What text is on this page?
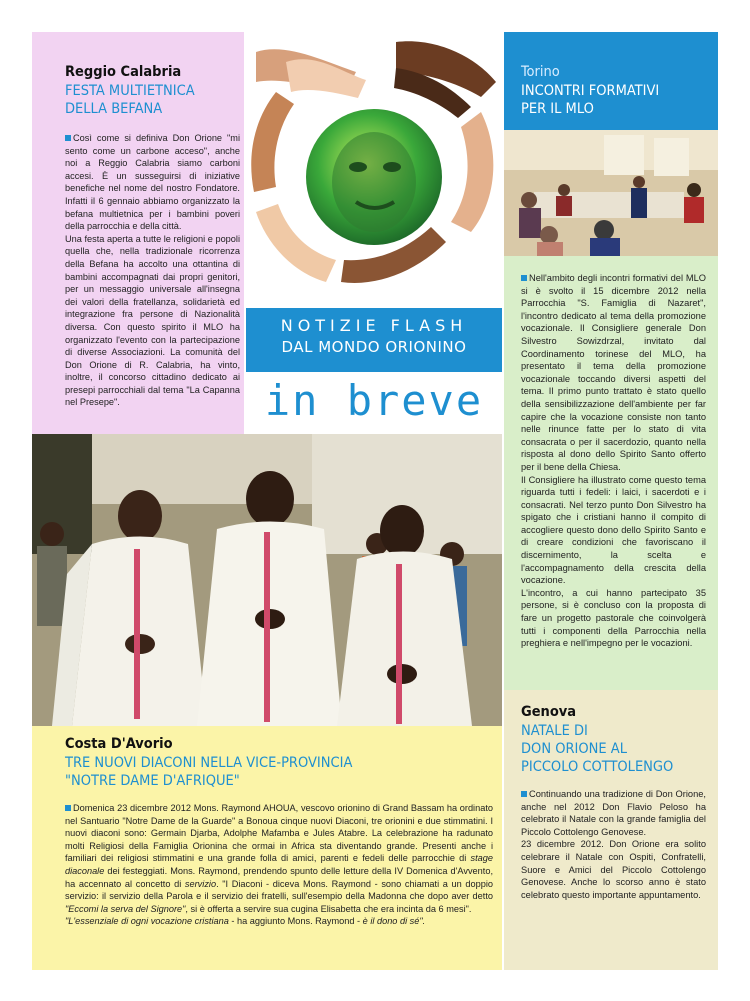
Reggio Calabria
FESTA MULTIETNICA
DELLA BEFANA

Così come si definiva Don Orione "mi sento come un carbone acceso", anche noi a Reggio Calabria siamo carboni accesi. È un susseguirsi di iniziative benefiche nel nome del nostro Fondatore. Infatti il 6 gennaio abbiamo organizzato la befana multietnica per i bambini poveri della parrocchia e della città.

Una festa aperta a tutte le religioni e popoli quella che, nella tradizionale ricorrenza della Befana ha accolto una ottantina di bambini accompagnati dai propri genitori, per un messaggio universale all'insegna dei valori della fratellanza, solidarietà ed integrazione fra persone di Nazionalità diversa. Con questo spirito il MLO ha organizzato l'evento con la partecipazione di diverse Associazioni. La comunità del Don Orione di R. Calabria, ha vinto, inoltre, il concorso cittadino dedicato ai presepi parrocchiali dal tema "La Capanna nel Presepe".

NOTIZIE FLASH
DAL MONDO ORIONINO
in breve
Torino
INCONTRI FORMATIVI
PER IL MLO

Nell'ambito degli incontri formativi del MLO si è svolto il 15 dicembre 2012 nella Parrocchia "S. Famiglia di Nazaret", l'incontro dedicato al tema della promozione vocazionale. Il Consigliere generale Don Silvestro Sowizdrzal, invitato dal Coordinamento torinese del MLO, ha presentato il tema della promozione vocazionale toccando diversi aspetti del tema. Il primo punto trattato è stato quello della sensibilizzazione dell'ambiente per far capire che la vocazione consiste non tanto nelle rinunce fatte per lo stato di vita consacrata o per il sacerdozio, quanto nella risposta al dono dello Spirito Santo offerto per il bene della Chiesa.

Il Consigliere ha illustrato come questo tema riguarda tutti i fedeli: i laici, i sacerdoti e i consacrati. Nel terzo punto Don Silvestro ha spigato che i cristiani hanno il compito di accogliere questo dono dello Spirito Santo e di creare condizioni che favoriscano il discernimento, la scelta e l'accompagnamento della crescita della vocazione.

L'incontro, a cui hanno partecipato 35 persone, si è concluso con la proposta di fare un progetto pastorale che coinvolgerà tutti i componenti della Parrocchia nella preghiera e nell'impegno per le vocazioni.

Genova
NATALE DI
DON ORIONE AL
PICCOLO COTTOLENGO

Continuando una tradizione di Don Orione, anche nel 2012 Don Flavio Peloso ha celebrato il Natale con la grande famiglia del Piccolo Cottolengo Genovese.

23 dicembre 2012. Don Orione era solito celebrare il Natale con Ospiti, Confratelli, Suore e Amici del Piccolo Cottolengo Genovese. Anche lo scorso anno è stato celebrato questo importante appuntamento.

Costa D'Avorio
TRE NUOVI DIACONI NELLA VICE-PROVINCIA
"NOTRE DAME D'AFRIQUE"

Domenica 23 dicembre 2012 Mons. Raymond AHOUA, vescovo orionino di Grand Bassam ha ordinato nel Santuario "Notre Dame de la Guarde" a Bonoua cinque nuovi Diaconi, tre orionini e due stimmatini. I nuovi diaconi sono: Germain Djarba, Adolphe Mafamba e Jules Atabre. La celebrazione ha radunato molti Religiosi della Famiglia Orionina che ormai in Africa sta diventando grande. Presenti anche i familiari dei religiosi stimmatini e una grande folla di amici, parenti e fedeli delle parrocchie di stage diaconale dei festeggiati. Mons. Raymond, prendendo spunto delle letture della IV Domenica d'Avvento, ha accennato al concetto di servizio. "I Diaconi - diceva Mons. Raymond - sono chiamati a un doppio servizio: il servizio della Parola e il servizio dei fratelli, sull'esempio della Madonna che dopo aver detto "Eccomi la serva del Signore", si è offerta a servire sua cugina Elisabetta che era incinta da 6 mesi".

"L'essenziale di ogni vocazione cristiana - ha aggiunto Mons. Raymond - è il dono di sé".
